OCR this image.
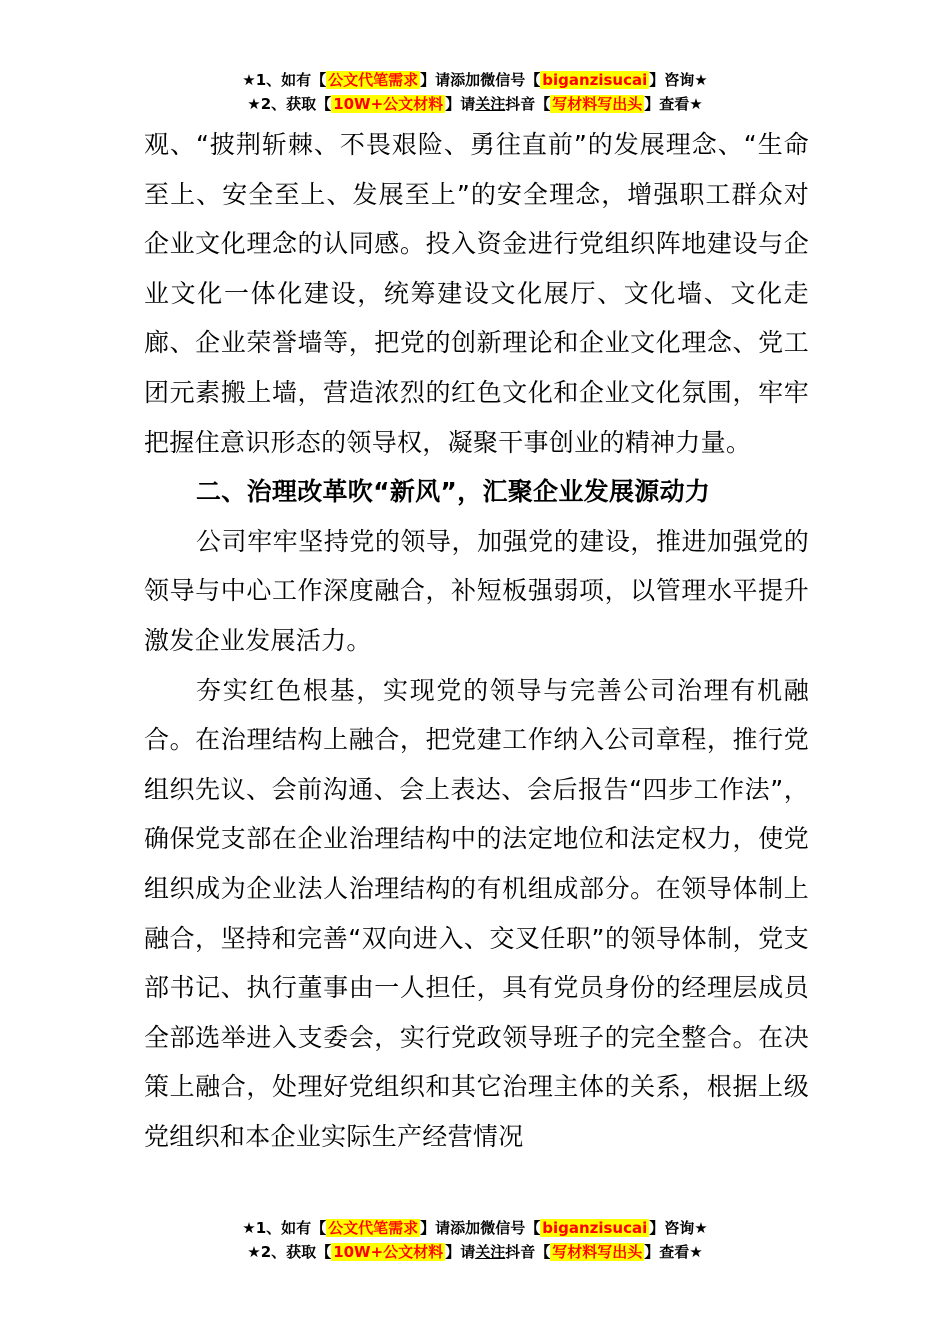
★1、如有【 公文代笔需求 】请添加微信号【 biganzisucai 】咨询★
★2、获取【 10W+公文材料 】请关注抖音【 写材料写出头 】查看★

观、“披荆斩棘、不畏艰险、勇往直前”的发展理念、“生命至上、安全至上、发展至上”的安全理念，增强职工群众对企业文化理念的认同感。投入资金进行党组织阵地建设与企业文化一体化建设，统筹建设文化展厅、文化墙、文化走廊、企业荣誉墙等，把党的创新理论和企业文化理念、党工团元素搬上墙，营造浓烈的红色文化和企业文化氛围，牢牢把握住意识形态的领导权，凝聚干事创业的精神力量。

二、治理改革吹“新风”，汇聚企业发展源动力

公司牢牢坚持党的领导，加强党的建设，推进加强党的领导与中心工作深度融合，补短板强弱项，以管理水平提升激发企业发展活力。

夯实红色根基，实现党的领导与完善公司治理有机融合。在治理结构上融合，把党建工作纳入公司章程，推行党组织先议、会前沟通、会上表达、会后报告“四步工作法”，确保党支部在企业治理结构中的法定地位和法定权力，使党组织成为企业法人治理结构的有机组成部分。在领导体制上融合，坚持和完善“双向进入、交叉任职”的领导体制，党支部书记、执行董事由一人担任，具有党员身份的经理层成员全部选举进入支委会，实行党政领导班子的完全整合。在决策上融合，处理好党组织和其它治理主体的关系，根据上级党组织和本企业实际生产经营情况

★1、如有【 公文代笔需求 】请添加微信号【 biganzisucai 】咨询★
★2、获取【 10W+公文材料 】请关注抖音【 写材料写出头 】查看★
